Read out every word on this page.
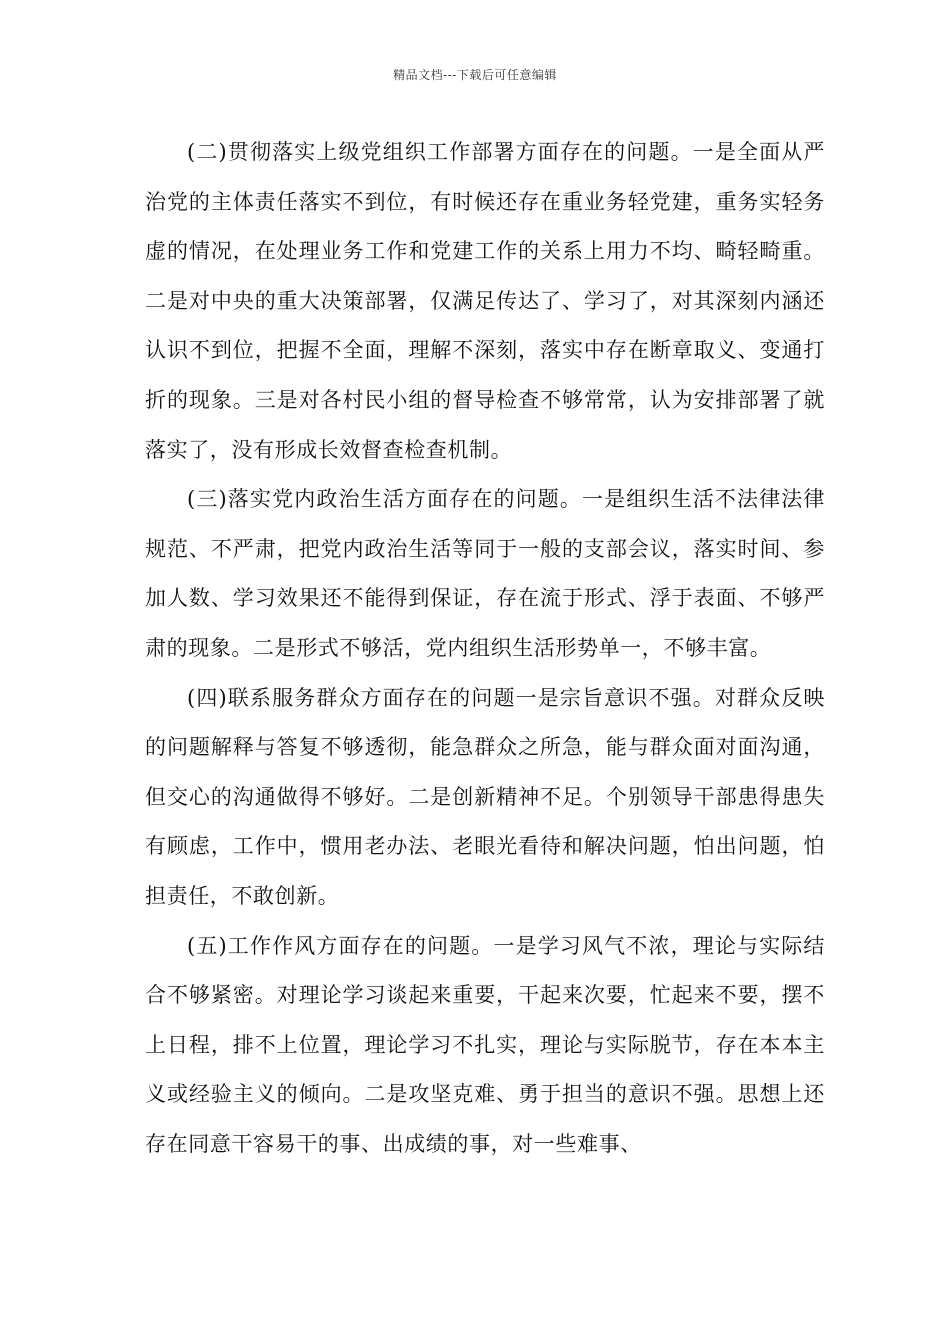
精品文档---下载后可任意编辑

(二)贯彻落实上级党组织工作部署方面存在的问题。一是全面从严治党的主体责任落实不到位，有时候还存在重业务轻党建，重务实轻务虚的情况，在处理业务工作和党建工作的关系上用力不均、畸轻畸重。二是对中央的重大决策部署，仅满足传达了、学习了，对其深刻内涵还认识不到位，把握不全面，理解不深刻，落实中存在断章取义、变通打折的现象。三是对各村民小组的督导检查不够常常，认为安排部署了就落实了，没有形成长效督查检查机制。

(三)落实党内政治生活方面存在的问题。一是组织生活不法律法律规范、不严肃，把党内政治生活等同于一般的支部会议，落实时间、参加人数、学习效果还不能得到保证，存在流于形式、浮于表面、不够严肃的现象。二是形式不够活，党内组织生活形势单一，不够丰富。

(四)联系服务群众方面存在的问题一是宗旨意识不强。对群众反映的问题解释与答复不够透彻，能急群众之所急，能与群众面对面沟通，但交心的沟通做得不够好。二是创新精神不足。个别领导干部患得患失有顾虑，工作中，惯用老办法、老眼光看待和解决问题，怕出问题，怕担责任，不敢创新。

(五)工作作风方面存在的问题。一是学习风气不浓，理论与实际结合不够紧密。对理论学习谈起来重要，干起来次要，忙起来不要，摆不上日程，排不上位置，理论学习不扎实，理论与实际脱节，存在本本主义或经验主义的倾向。二是攻坚克难、勇于担当的意识不强。思想上还存在同意干容易干的事、出成绩的事，对一些难事、
